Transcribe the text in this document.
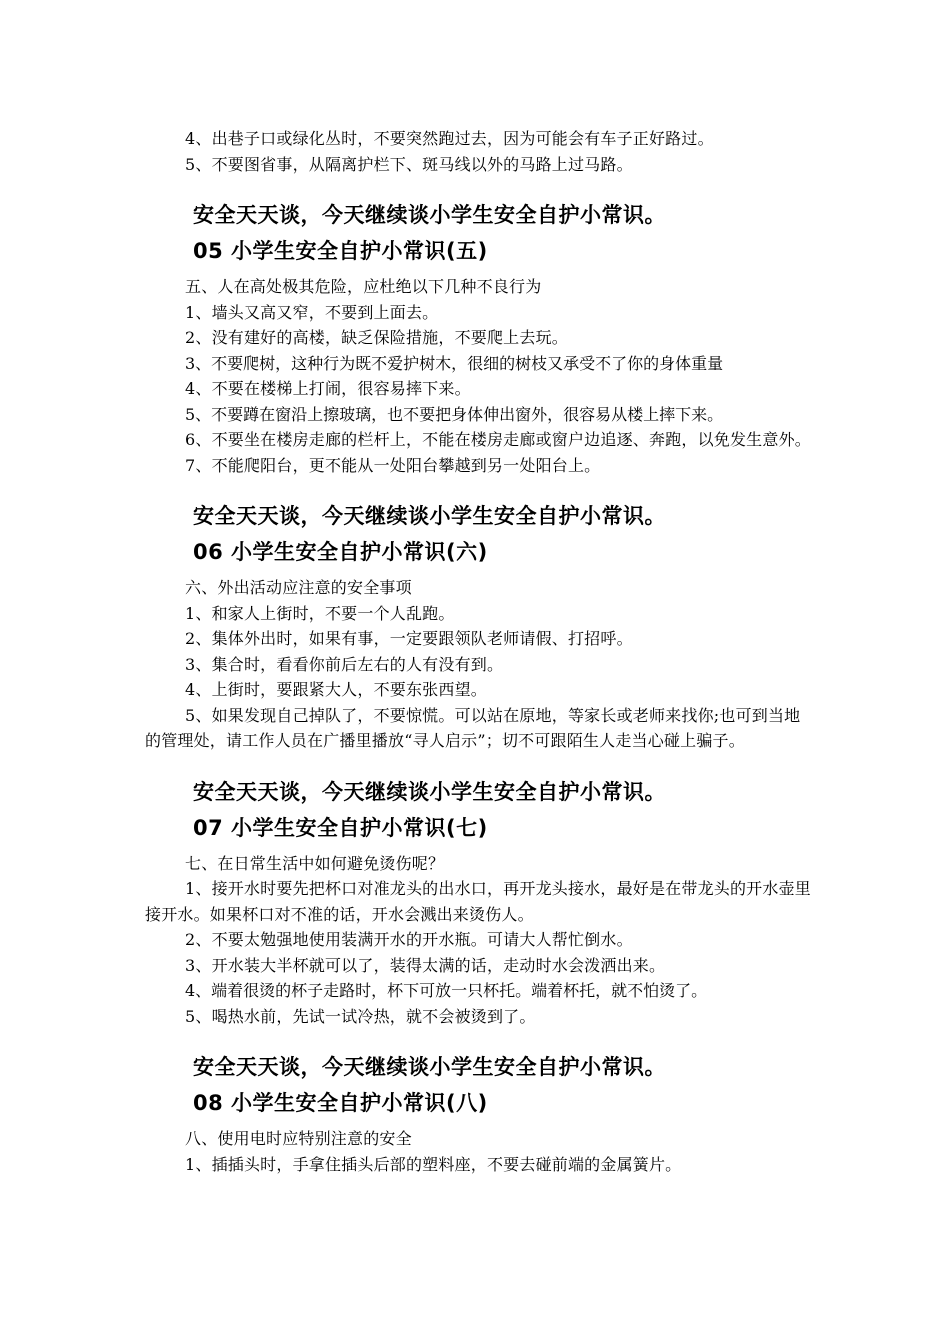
4、出巷子口或绿化丛时，不要突然跑过去，因为可能会有车子正好路过。

5、不要图省事，从隔离护栏下、斑马线以外的马路上过马路。

安全天天谈，今天继续谈小学生安全自护小常识。

05 小学生安全自护小常识(五)

五、人在高处极其危险，应杜绝以下几种不良行为

1、墙头又高又窄，不要到上面去。

2、没有建好的高楼，缺乏保险措施，不要爬上去玩。

3、不要爬树，这种行为既不爱护树木，很细的树枝又承受不了你的身体重量

4、不要在楼梯上打闹，很容易摔下来。

5、不要蹲在窗沿上擦玻璃，也不要把身体伸出窗外，很容易从楼上摔下来。

6、不要坐在楼房走廊的栏杆上，不能在楼房走廊或窗户边追逐、奔跑，以免发生意外。

7、不能爬阳台，更不能从一处阳台攀越到另一处阳台上。

安全天天谈，今天继续谈小学生安全自护小常识。

06 小学生安全自护小常识(六)

六、外出活动应注意的安全事项

1、和家人上街时，不要一个人乱跑。

2、集体外出时，如果有事，一定要跟领队老师请假、打招呼。

3、集合时，看看你前后左右的人有没有到。

4、上街时，要跟紧大人，不要东张西望。

5、如果发现自己掉队了，不要惊慌。可以站在原地，等家长或老师来找你;也可到当地的管理处，请工作人员在广播里播放“寻人启示”；切不可跟陌生人走当心碰上骗子。

安全天天谈，今天继续谈小学生安全自护小常识。

07 小学生安全自护小常识(七)

七、在日常生活中如何避免烫伤呢？

1、接开水时要先把杯口对准龙头的出水口，再开龙头接水，最好是在带龙头的开水壶里接开水。如果杯口对不准的话，开水会溅出来烫伤人。

2、不要太勉强地使用装满开水的开水瓶。可请大人帮忙倒水。

3、开水装大半杯就可以了，装得太满的话，走动时水会泼洒出来。

4、端着很烫的杯子走路时，杯下可放一只杯托。端着杯托，就不怕烫了。

5、喝热水前，先试一试冷热，就不会被烫到了。

安全天天谈，今天继续谈小学生安全自护小常识。

08 小学生安全自护小常识(八)

八、使用电时应特别注意的安全

1、插插头时，手拿住插头后部的塑料座，不要去碰前端的金属簧片。
